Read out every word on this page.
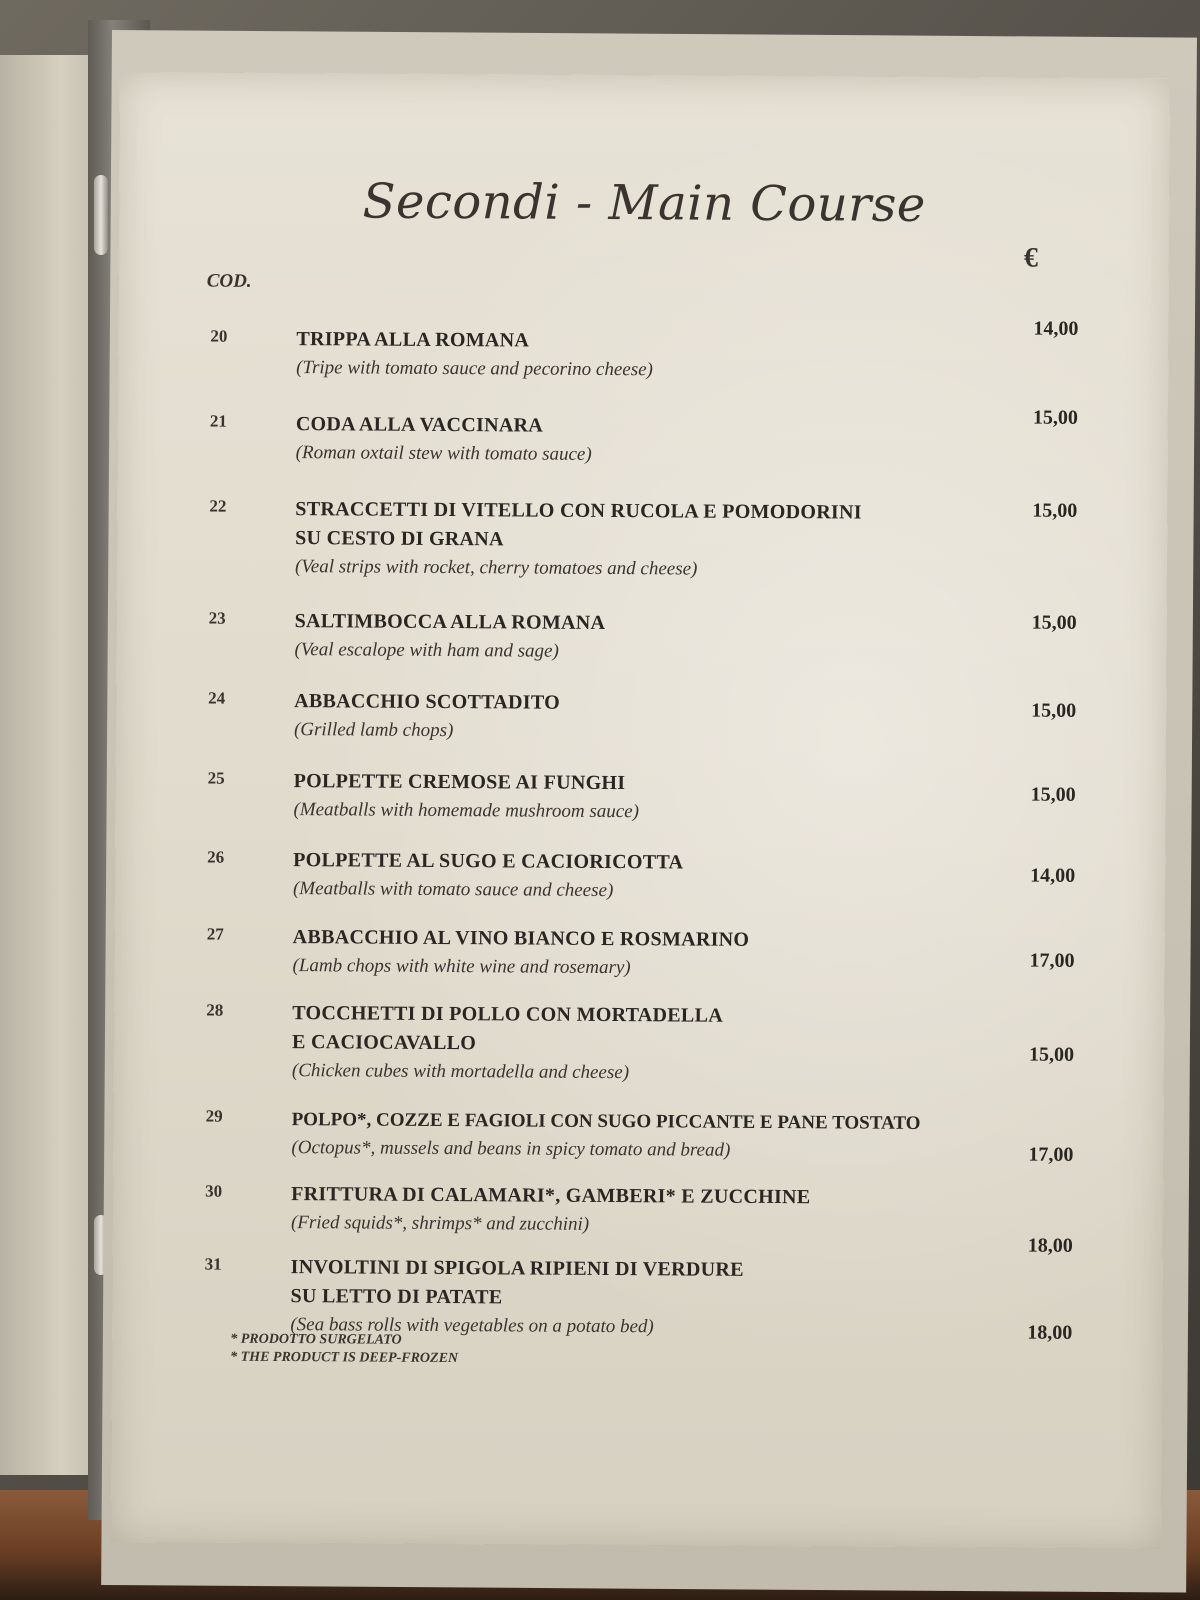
Secondi - Main Course
COD.
€
20	TRIPPA ALLA ROMANA
(Tripe with tomato sauce and pecorino cheese)
14,00
21	CODA ALLA VACCINARA
(Roman oxtail stew with tomato sauce)
15,00
22	STRACCETTI DI VITELLO CON RUCOLA E POMODORINI
SU CESTO DI GRANA
(Veal strips with rocket, cherry tomatoes and cheese)
15,00
23	SALTIMBOCCA ALLA ROMANA
(Veal escalope with ham and sage)
15,00
24	ABBACCHIO SCOTTADITO
(Grilled lamb chops)
15,00
25	POLPETTE CREMOSE AI FUNGHI
(Meatballs with homemade mushroom sauce)
15,00
26	POLPETTE AL SUGO E CACIORICOTTA
(Meatballs with tomato sauce and cheese)
14,00
27	ABBACCHIO AL VINO BIANCO E ROSMARINO
(Lamb chops with white wine and rosemary)	17,00
28	TOCCHETTI DI POLLO CON MORTADELLA
E CACIOCAVALLO
(Chicken cubes with mortadella and cheese)
15,00
29	POLPO*, COZZE E FAGIOLI CON SUGO PICCANTE E PANE TOSTATO
(Octopus*, mussels and beans in spicy tomato and bread)	17,00
30	FRITTURA DI CALAMARI*, GAMBERI* E ZUCCHINE
(Fried squids*, shrimps* and zucchini)
18,00
31	INVOLTINI DI SPIGOLA RIPIENI DI VERDURE
SU LETTO DI PATATE
(Sea bass rolls with vegetables on a potato bed)	18,00
* PRODOTTO SURGELATO
* THE PRODUCT IS DEEP-FROZEN
